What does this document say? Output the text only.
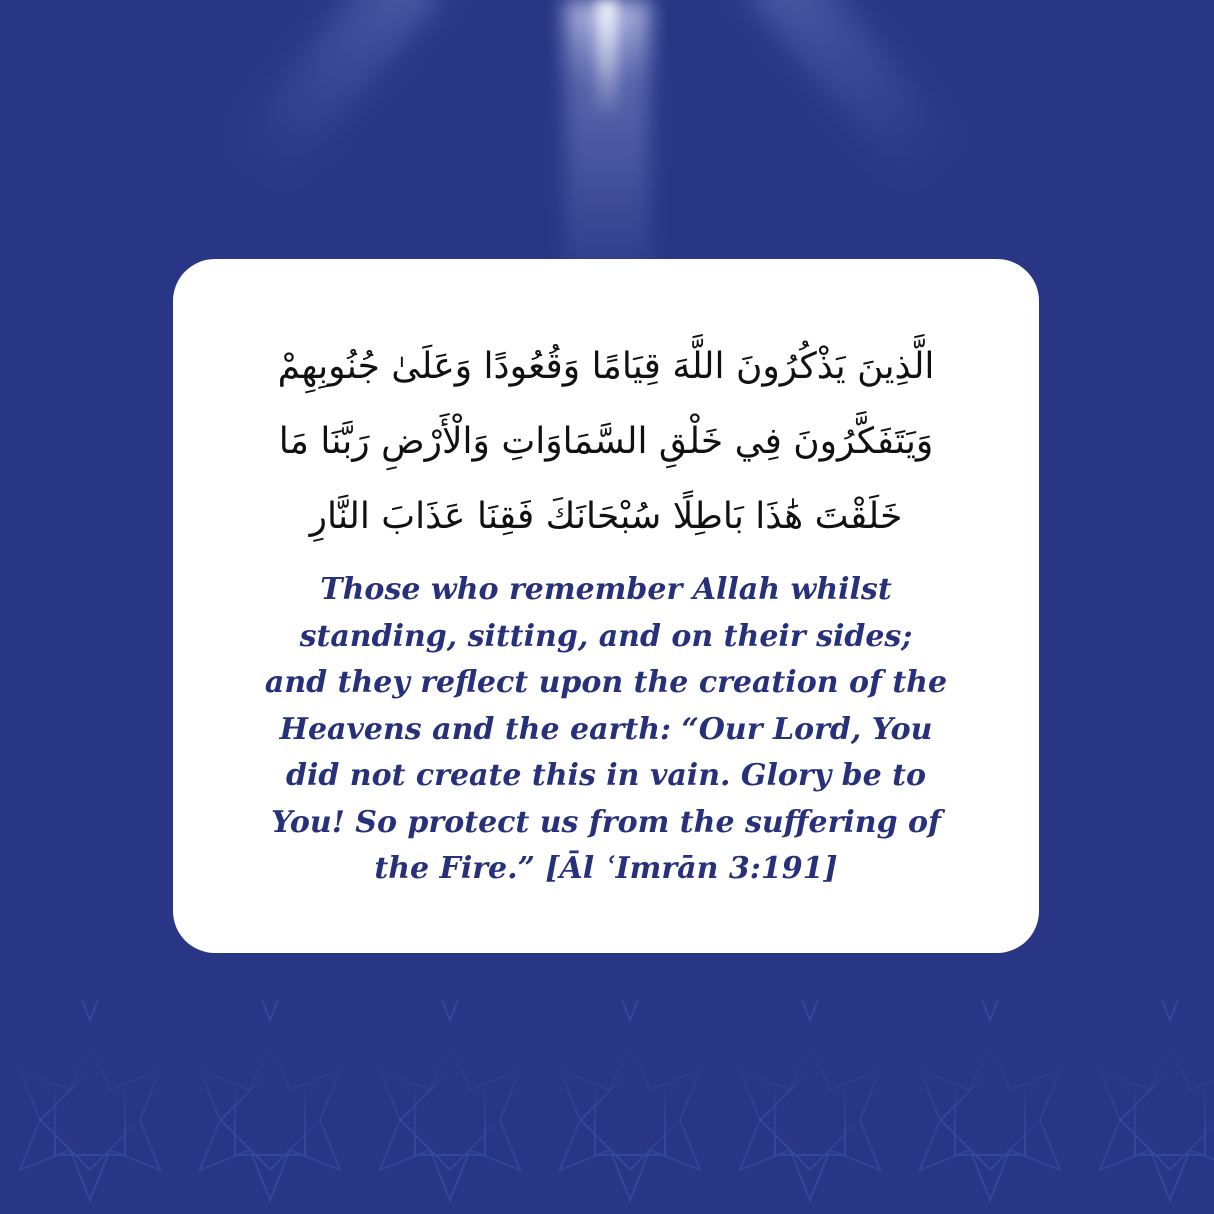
الَّذِينَ يَذْكُرُونَ اللَّهَ قِيَامًا وَقُعُودًا وَعَلَىٰ جُنُوبِهِمْ
وَيَتَفَكَّرُونَ فِي خَلْقِ السَّمَاوَاتِ وَالْأَرْضِ رَبَّنَا مَا
خَلَقْتَ هَٰذَا بَاطِلًا سُبْحَانَكَ فَقِنَا عَذَابَ النَّارِ
Those who remember Allah whilst
standing, sitting, and on their sides;
and they reflect upon the creation of the
Heavens and the earth: “Our Lord, You
did not create this in vain. Glory be to
You! So protect us from the suffering of
the Fire.” [Āl ʿImrān 3:191]
